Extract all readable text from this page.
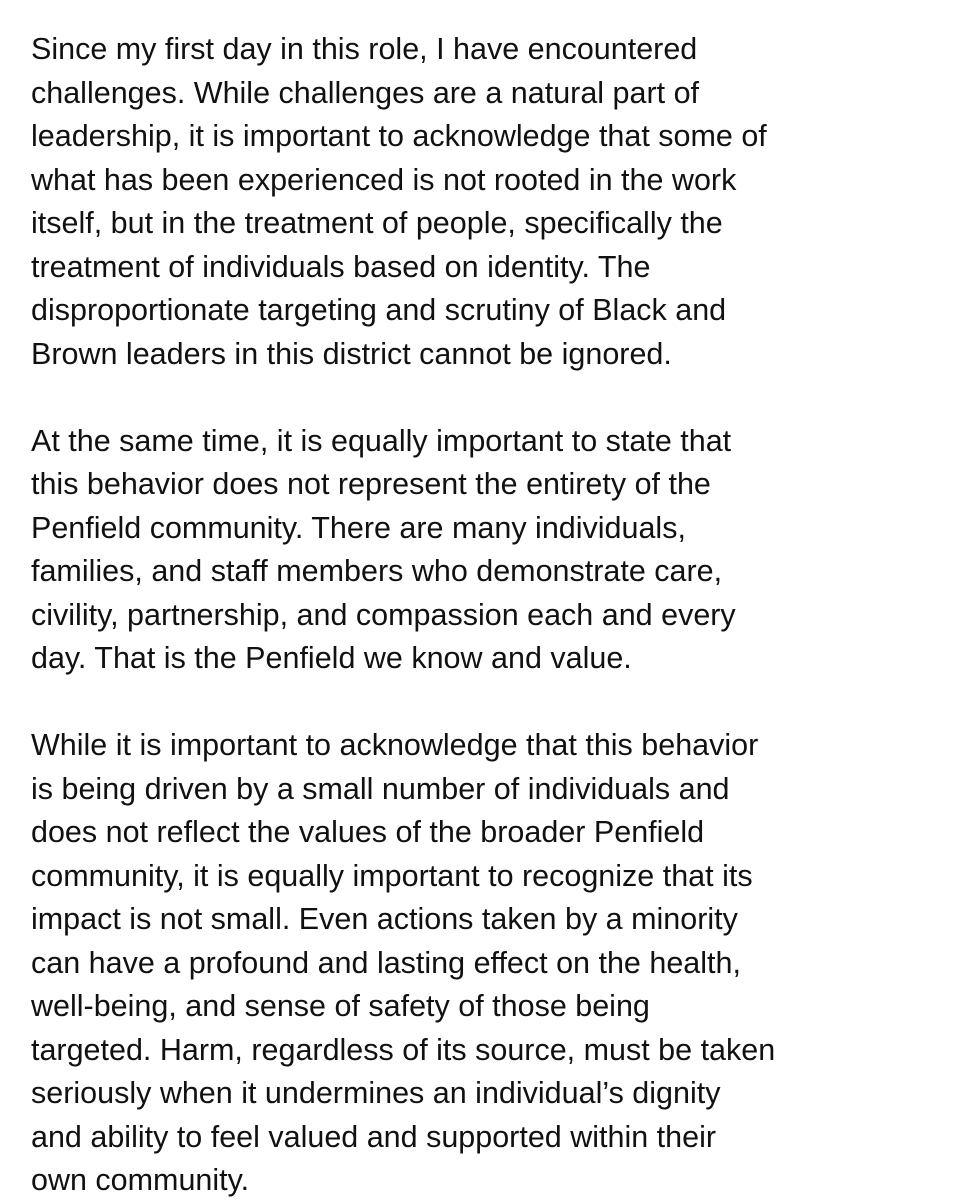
Since my first day in this role, I have encountered
challenges. While challenges are a natural part of
leadership, it is important to acknowledge that some of
what has been experienced is not rooted in the work
itself, but in the treatment of people, specifically the
treatment of individuals based on identity. The
disproportionate targeting and scrutiny of Black and
Brown leaders in this district cannot be ignored.
At the same time, it is equally important to state that
this behavior does not represent the entirety of the
Penfield community. There are many individuals,
families, and staff members who demonstrate care,
civility, partnership, and compassion each and every
day. That is the Penfield we know and value.
While it is important to acknowledge that this behavior
is being driven by a small number of individuals and
does not reflect the values of the broader Penfield
community, it is equally important to recognize that its
impact is not small. Even actions taken by a minority
can have a profound and lasting effect on the health,
well-being, and sense of safety of those being
targeted. Harm, regardless of its source, must be taken
seriously when it undermines an individual’s dignity
and ability to feel valued and supported within their
own community.
